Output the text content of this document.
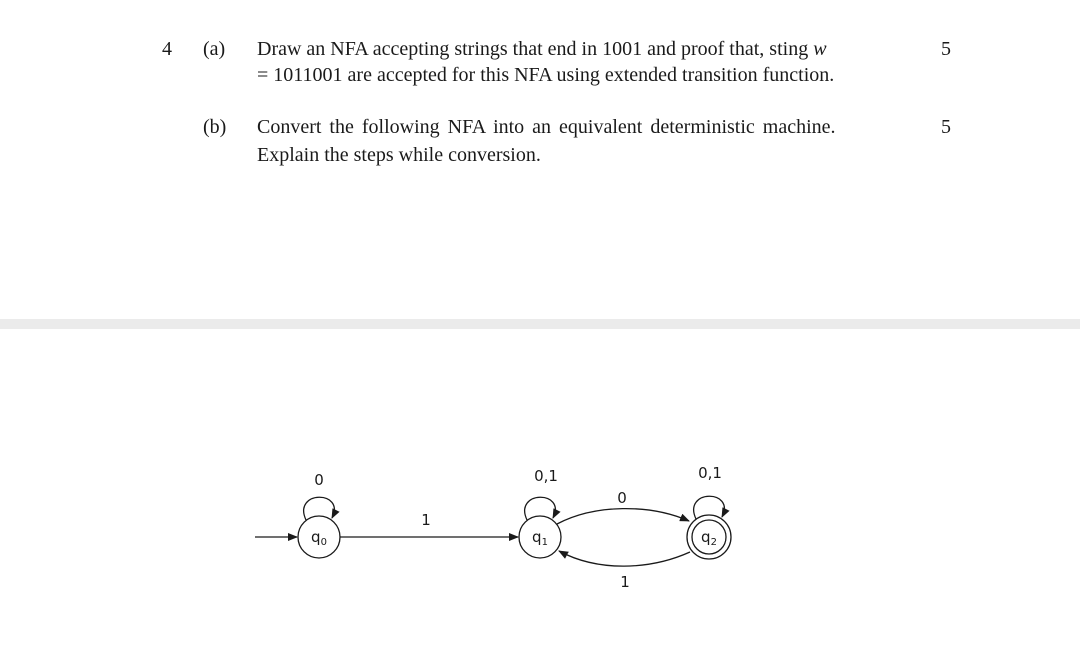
4 (a) Draw an NFA accepting strings that end in 1001 and proof that, sting w
= 1011001 are accepted for this NFA using extended transition function.
5
(b) Convert the following NFA into an equivalent deterministic machine.
Explain the steps while conversion.
5
$q_0$
0
1
$q_1$
0,1
0
1
$q_2$
0,1
